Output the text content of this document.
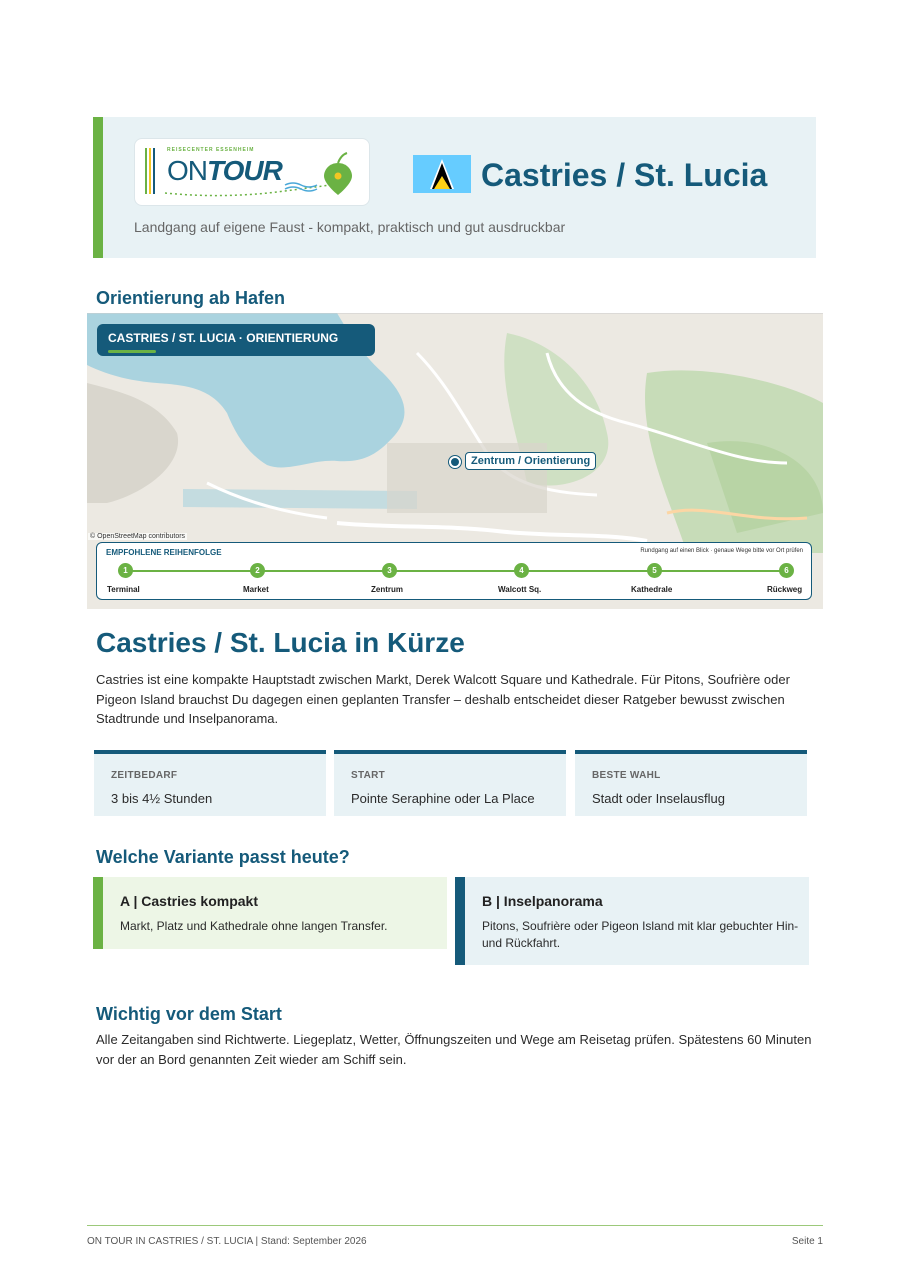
REISECENTER ESSENHEIM
ONTOUR	Castries / St. Lucia
Landgang auf eigene Faust - kompakt, praktisch und gut ausdruckbar
Orientierung ab Hafen
CASTRIES / ST. LUCIA · ORIENTIERUNG
Zentrum / Orientierung
© OpenStreetMap contributors
EMPFOHLENE REIHENFOLGE	Rundgang auf einen Blick · genaue Wege bitte vor Ort prüfen
1	2	3	4	5	6
Terminal	Market	Zentrum	Walcott Sq.	Kathedrale	Rückweg
Castries / St. Lucia in Kürze

Castries ist eine kompakte Hauptstadt zwischen Markt, Derek Walcott Square und Kathedrale. Für Pitons, Soufrière oder Pigeon Island brauchst Du dagegen einen geplanten Transfer – deshalb entscheidet dieser Ratgeber bewusst zwischen Stadtrunde und Inselpanorama.

ZEITBEDARF
3 bis 4½ Stunden
START
Pointe Seraphine oder La Place
BESTE WAHL
Stadt oder Inselausflug
Welche Variante passt heute?
A | Castries kompakt
Markt, Platz und Kathedrale ohne langen Transfer.
B | Inselpanorama
Pitons, Soufrière oder Pigeon Island mit klar gebuchter Hin- und Rückfahrt.
Wichtig vor dem Start

Alle Zeitangaben sind Richtwerte. Liegeplatz, Wetter, Öffnungszeiten und Wege am Reisetag prüfen. Spätestens 60 Minuten vor der an Bord genannten Zeit wieder am Schiff sein.

ON TOUR IN CASTRIES / ST. LUCIA | Stand: September 2026	Seite 1
